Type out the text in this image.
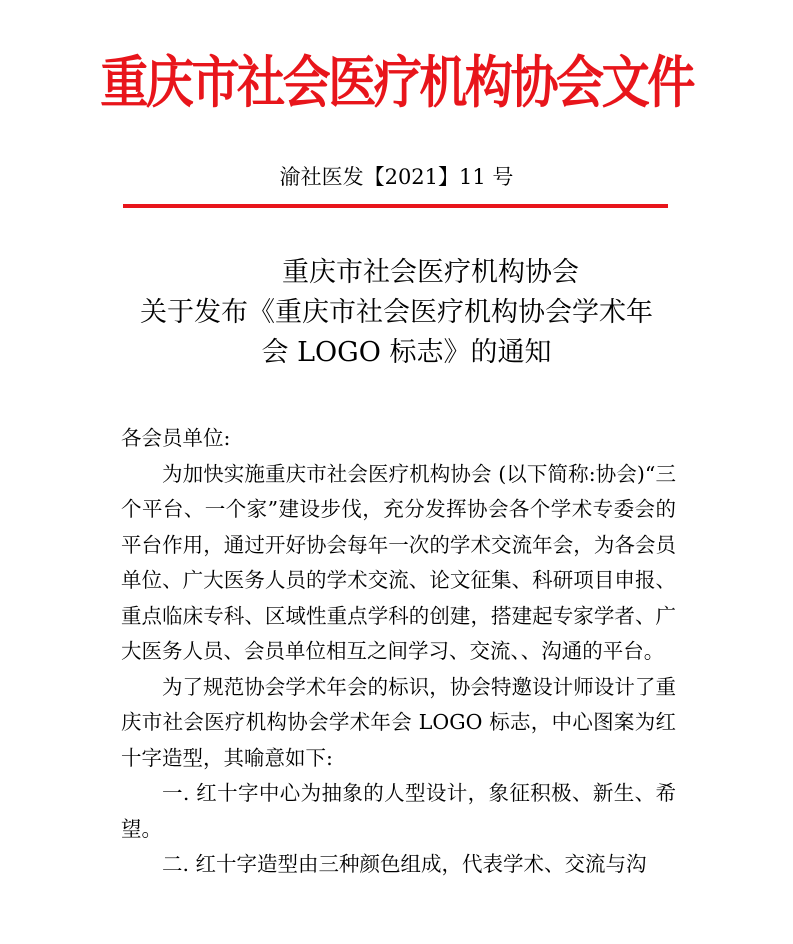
重庆市社会医疗机构协会文件
渝社医发【2021】11 号
重庆市社会医疗机构协会
关于发布《重庆市社会医疗机构协会学术年
会 LOGO 标志》的通知

各会员单位:

为加快实施重庆市社会医疗机构协会 (以下简称:协会)“三个平台、一个家”建设步伐，充分发挥协会各个学术专委会的平台作用，通过开好协会每年一次的学术交流年会，为各会员单位、广大医务人员的学术交流、论文征集、科研项目申报、重点临床专科、区域性重点学科的创建，搭建起专家学者、广大医务人员、会员单位相互之间学习、交流、、沟通的平台。

为了规范协会学术年会的标识，协会特邀设计师设计了重庆市社会医疗机构协会学术年会 LOGO 标志，中心图案为红十字造型，其喻意如下:

一. 红十字中心为抽象的人型设计，象征积极、新生、希望。

二. 红十字造型由三种颜色组成，代表学术、交流与沟
